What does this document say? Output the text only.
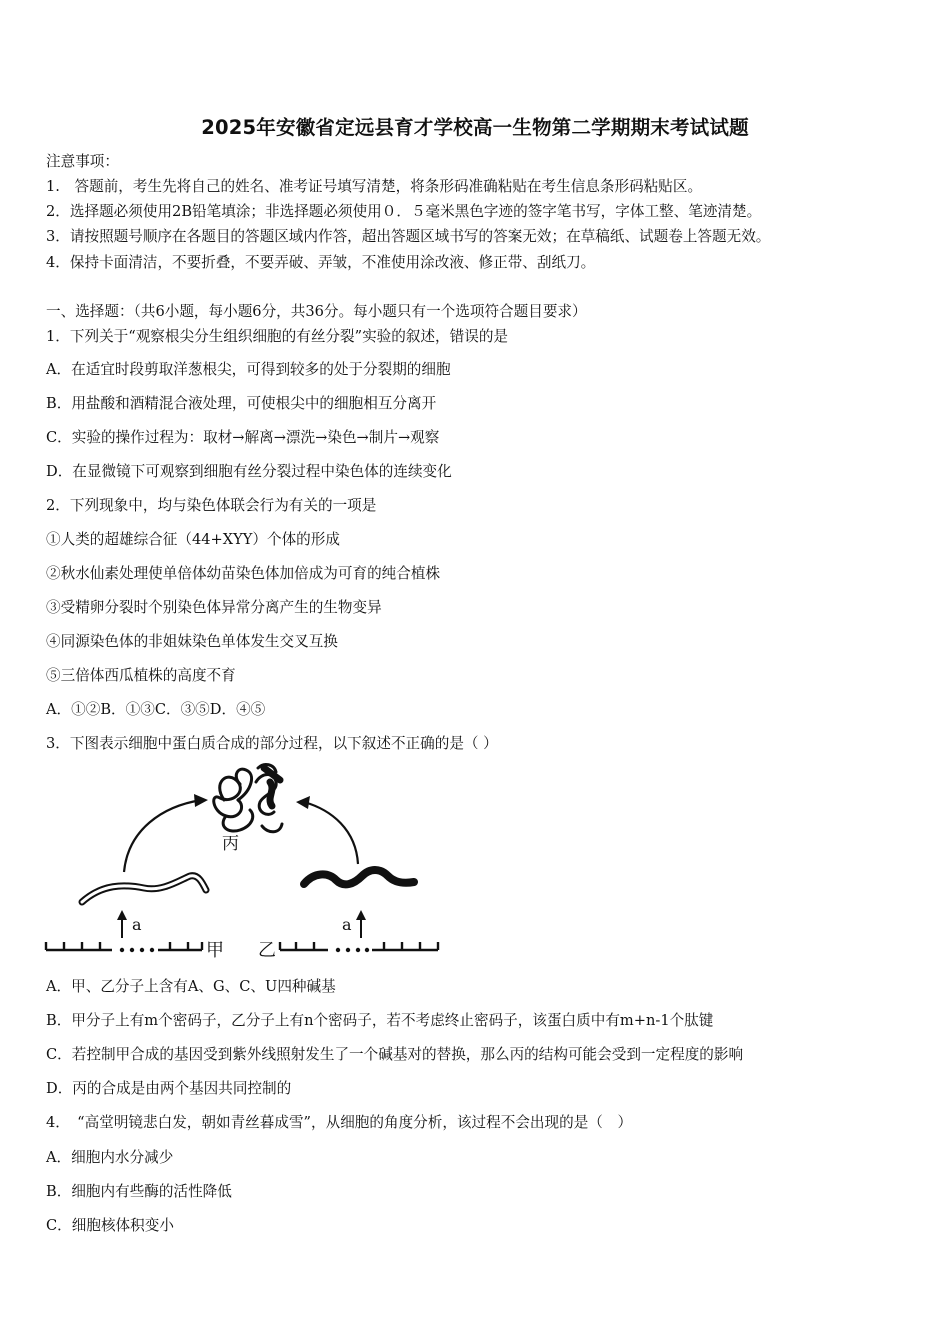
2025年安徽省定远县育才学校高一生物第二学期期末考试试题
注意事项：
1.　答题前，考生先将自己的姓名、准考证号填写清楚，将条形码准确粘贴在考生信息条形码粘贴区。
2．选择题必须使用2B铅笔填涂；非选择题必须使用０．５毫米黑色字迹的签字笔书写，字体工整、笔迹清楚。
3．请按照题号顺序在各题目的答题区域内作答，超出答题区域书写的答案无效；在草稿纸、试题卷上答题无效。
4．保持卡面清洁，不要折叠，不要弄破、弄皱，不准使用涂改液、修正带、刮纸刀。
一、选择题：（共6小题，每小题6分，共36分。每小题只有一个选项符合题目要求）
1．下列关于“观察根尖分生组织细胞的有丝分裂”实验的叙述，错误的是
A．在适宜时段剪取洋葱根尖，可得到较多的处于分裂期的细胞
B．用盐酸和酒精混合液处理，可使根尖中的细胞相互分离开
C．实验的操作过程为：取材→解离→漂洗→染色→制片→观察
D．在显微镜下可观察到细胞有丝分裂过程中染色体的连续变化
2．下列现象中，均与染色体联会行为有关的一项是
①人类的超雄综合征（44+XYY）个体的形成
②秋水仙素处理使单倍体幼苗染色体加倍成为可育的纯合植株
③受精卵分裂时个别染色体异常分离产生的生物变异
④同源染色体的非姐妹染色单体发生交叉互换
⑤三倍体西瓜植株的高度不育
A．①②B．①③C．③⑤D．④⑤
3．下图表示细胞中蛋白质合成的部分过程，以下叙述不正确的是（ ）
丙
a	a
甲 乙
A．甲、乙分子上含有A、G、C、U四种碱基
B．甲分子上有m个密码子，乙分子上有n个密码子，若不考虑终止密码子，该蛋白质中有m+n-1个肽键
C．若控制甲合成的基因受到紫外线照射发生了一个碱基对的替换，那么丙的结构可能会受到一定程度的影响
D．丙的合成是由两个基因共同控制的
4．　“高堂明镜悲白发，朝如青丝暮成雪”，从细胞的角度分析，该过程不会出现的是（　）
A．细胞内水分减少
B．细胞内有些酶的活性降低
C．细胞核体积变小
